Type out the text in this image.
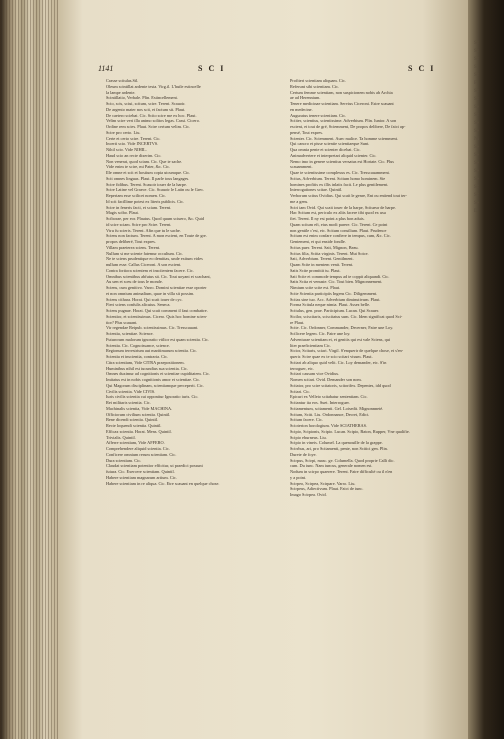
1141	S C I	S C I
Crasse scitulas.Sil.
Oleum scintillat ardente testa. Virg.il. L'huile estincelle
la lampe ardente.
Scintillatio, Verbale. Plin. Estincellement.
Scio, scis, sciui, scitum, scire. Terent. Scauoir.
De argento mater nos scit, et factum sit. Plaut.
De caetero sciebat. Cic. Scito scire me ex hoc. Plaut.
Velim scire veri illa animo solitos legas. Cassi. Cicero.
Ordine rem scies. Plaut. Scire certum velim. Cic.
Scire pro certo. Liu.
Certe et certo scire. Terent. Cic.
Incerti scio. Vide INCERTVS.
Nihil scio. Vide NIHIL.
Haud scio an recte dixerim. Cic.
Non venerat, quod sciam. Cic. Que ie sache.
Vide enim te scire, mi Pater, &c. Cic.
Ille omne et scit et hostium copia utcumque. Cic.
Scit omnes linguas. Plaut. Il parle tous langages.
Scire fidibus. Terent. Scauoir iouer de la harpe.
Scire Latine vel Graece. Cic. Scauoir le Latin ou le Grec.
Reperiam esse scilicet nomen. Cic.
Id scit facillime potest ex literis publicis. Cic.
Scire in feneris facti, et sciam. Terent.
Magis scibo. Plaut.
Sciborae, per eor. Plautus. Quod quum sciuero, &c. Quid
id scire sciam. Scire pro Scire. Terent.
Vtru fu scieris. Terent. Afin que tu le sache.
Sciens non factum. Terent. A mon escient, en Toute de gre.
propos deliberé, Tout expres.
Villam praeterea sciens. Terent.
Nullum si me sciente fatemur occultum. Cic.
Ne te sciens prudentique eo demittas, unde exitum vides
nullum esse. Callus Ciceroni. A son escient.
Contra fortiora scientem et insciientem facere. Cic.
Omnibus scientibus abfutus sit. Cic. Tout uoyant et scachant,
Au uen et sceu de tous le monde.
Sciens, cum genitivo. Varro. Domini scientiae esse oporter
et non omnium animalium, quae in villa sit possim.
Sciens cithara. Horat. Qui scait iouer de cyc.
Fieri sciens confulis alicuius. Seneca.
Sciens pugnae. Horat. Qui scait comment il faut combattre.
Scientior, et scientissimus. Cicero. Quis hoc homine scien-
tior? Plus scauant.
Vir regendae Reipub. scientissimus. Cic. Tresscauant.
Scientia, scientiae. Science.
Futurorum malorum ignoratio vtilior est quam scientia. Cic.
Scientia. Cic. Cognoissance, science.
Regionum terrestrium aut maritimarum scientia. Cic.
Scientia et inscientia, contraria. Cic.
Citra scientiam, Vide CITRA praepositionem.
Huminibus nihil est iucundius sua scientia. Cic.
Omnes duximur ad cognitionis et scientiae cupiditatem. Cic.
Imitatus est in nobis cognitionis amor et scientiae. Cic.
Qui Magorum disciplinam, scientiamque perceperit. Cic.
Civilis scientia. Vide CIVIS.
Iuris civilis scientia cui opponitur Ignoratio iuris. Cic.
Rei militaris scientia. Cic.
Machinalis scientia, Vide MACHINA.
Officiorum civilium scientia. Quintil.
Bene dicendi scientia. Quintil.
Recte loquendi scientia. Quintil.
Efficax scientia. Horat. Mens. Quintil.
Trivialis. Quintil.
Afferre scientiam, Vide AFFERO.
Comprehendere aliquid scientia. Cic.
Conficere omnium rerum scientiam. Cic.
Dura scientiam. Cic.
Claudat scientiam potentior efficitur, ut praedici possunt
futura. Cic. Exercere scientiam. Quintil.
Habere scientiam magnarum artium. Cic.
Habere scientiam in re aliqua. Cic. Etre scauant en quelque chose.
Profiteri scientiam aliquam. Cic.
Referunt sibi scientiam. Cic.
Certum femme scientiam, non suspicionem nobis ab Archia
ae ad Herennium.
Tenere medicinae scientiam. Servius Ciceroni. Estre scauant
en medecine.
Auguratus tenere scientiam. Cic.
Sciiter, scientius, scientissime. Adverbium. Plin. Iunior. A son
escient, et tout de gré, Sciemment, De propos delibere, De faict ap-
pensé, Tout expres.
Scienter. Cic. Sciemment. Auec malice. Ta homme sciemment.
Qui cancro et pisse scientie scientiaeque Sunt.
Qua omnia pente et scienter dicebat. Cic.
Animadvertere et interpretari aliquid scienter. Cic.
Nemo imo in genere scientius versatus est Hortate. Cic. Plus
scauamment.
Quae te scientissime complexus es. Cic. Tresscauamment.
Scitus, Adverbium. Terent. Scitum homo hominem. Sie
homines profitis ex illis inlatis facit. Le plus gentilement.
Interrogationes scitae. Quintil.
Verborum scitus Ovidius. Qui scait le genre, Ent ou entiend tout ter-
me a gens.
Sciri iam Ovid. Qui scait iouer de la harpe, Scitueur de harpe.
Hac Scitum est, periculo ex aliis facere tibi quod ex usu
fiet. Terent. Il ny est point a plus bon aduis.
Quam scitum eft, eius modi parere. Cic. Terent. Ce point
non gentile c'est, etc. Scitum consilium. Plaut. Prudence
Scitum est enim confare confiere in tempus, cum, &c. Cic.
Gentement, et qui enside fondle.
Scitus puer. Terent. Sait, Mignon, Beau.
Scitus filia, Scitta virginis. Terent. Mut Soice.
Sati, Adverbium. Terent. Gentilment.
Quam Scite in mentem venit. Terent.
Satis Scite promittit tu. Plaut.
Sati Scite et commode tempus ad te coppit aliquandi. Cic.
Satis Scita et venuste. Cic. Tout bien. Mignonnement.
Nimium scite scite est. Plaut.
Scite Scientia participiis Ingens Cic. Diligemment.
Scitas sine tuo. Acc. Adverbium diminutivum. Plaut.
Forma Scitula neque nimia. Plaut. Assez belle.
Scitulus, gen. prae. Participium. Lucan. Qui Scauer.
Sicilor, sciscitaris, sciscitatus sum. Cic. Idem significat quod Sci-
re Plaut.
Scite. Cic. Ordonner, Commander, Decerner, Faire une Loy.
Scilicere legem. Cic. Faire une loy.
Adventurae scientiam et, et genitis qui est vale Sciens, qui
liter praeficientiam Cic.
Sicior, Scitaris, sciari. Virgil. S'enquerir de quelque chose, et s'en-
querir. Scire quae ex te scio scitari visum. Plaut.
Scitari ab aliquo quid velit. Cic. Loy demander, etc. S'in
terroguer, etc.
Scitari causam vice Ovidius.
Nomen scitari. Ovid. Demander son nom.
Scitator, pro scire scitatoris, scitorifex. Depentes, idd quod
Scitari. Cic.
Epicuri ex Velleio scitabatur sententiam. Cic.
Scitantur ita eos. Suet. Interroguer.
Scitamentum, scitamenti. Gel. Loisedit. Mignonnneté.
Scitum, Scitt. Liu. Ordonnance, Decret, Edict.
Scitum facere. Cic.
Scioterion horologium. Vide SCIATHERAS.
Scipio, Scipionis, Scipio. Lucan. Scipio, Baton, Rupper, Vne qualifie.
Scipio eburneus. Liu.
Scipio in vineis. Columel. La quenouille de la grappe.
Scirrhus, ari, pro Scitamenti, pente, non Scitici gen. Plin.
Durete de foye.
Scirpus, Scirpi, masc. ge. Columella. Quod proprie Calli dic.
cum. Du iunc. Nam iuncus, generale nomen est.
Nodum in scirpo quaerere. Terent. Faire difficulté ou il n'en
y a point.
Scirpeo, Scirpea, Scirpare. Varro. Liu.
Scirpeus, Adiectivum. Plaut. Faict de iunc.
Imago Scirpea. Ovid.
Sc
Sc
Sc
S
Sc
F
Sc
Sc
Se
Sc
Se
Se
Ni
Se
Se
Se
Se
Se
Sc
Sc
Se
D
